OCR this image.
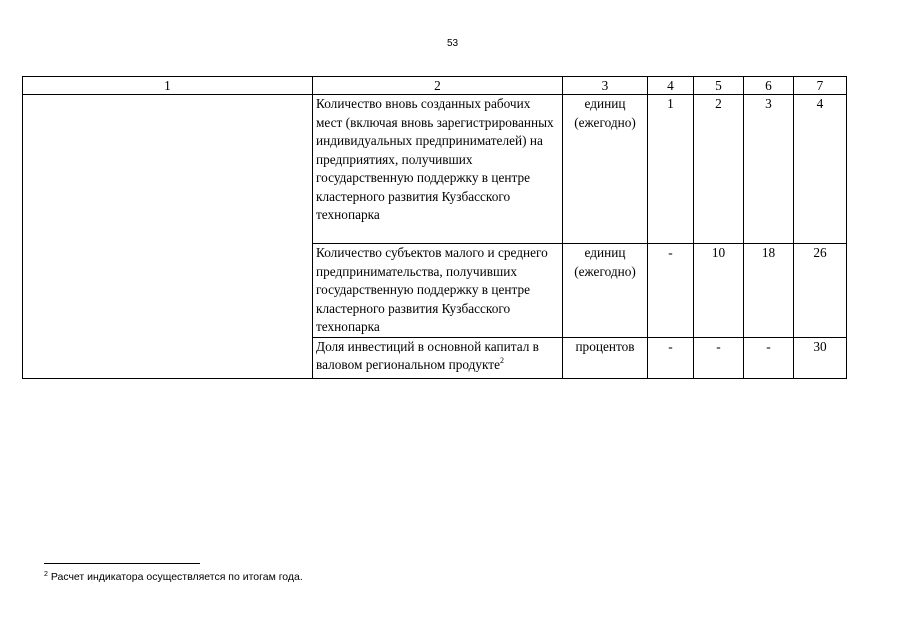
53
1	2	3	4	5	6	7
	Количество вновь созданных рабочих мест (включая вновь зарегистрированных индивидуальных предпринимателей) на предприятиях, получивших государственную поддержку в центре кластерного развития Кузбасского технопарка	единиц (ежегодно)	1	2	3	4
	Количество субъектов малого и среднего предпринимательства, получивших государственную поддержку в центре кластерного развития Кузбасского технопарка	единиц (ежегодно)	-	10	18	26
	Доля инвестиций в основной капитал в валовом региональном продукте$^2$	процентов	-	-	-	30
$^2$ Расчет индикатора осуществляется по итогам года.
